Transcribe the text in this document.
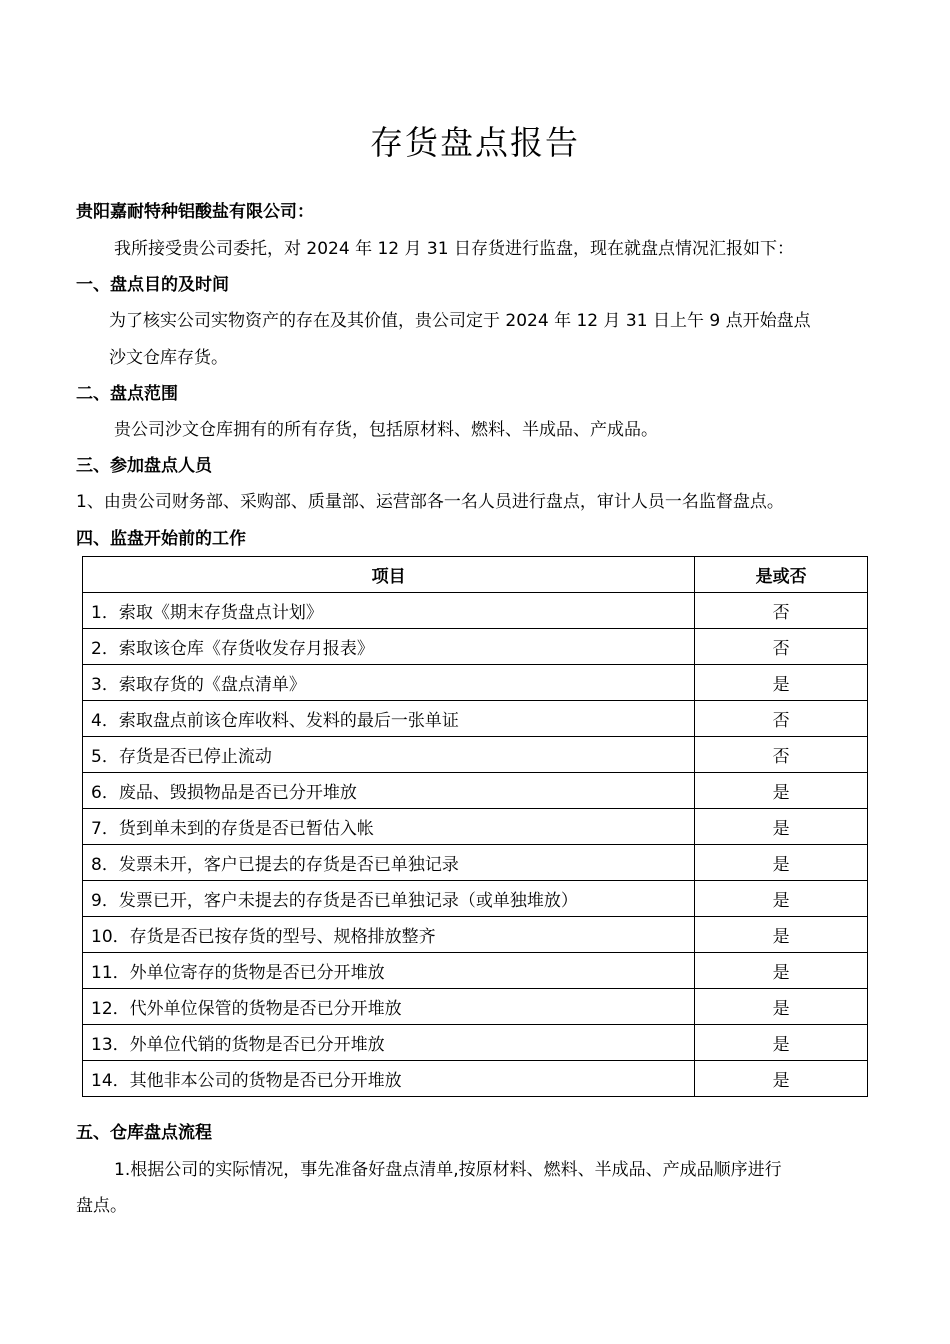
存货盘点报告
贵阳嘉耐特种铝酸盐有限公司：
我所接受贵公司委托，对 2024 年 12 月 31 日存货进行监盘，现在就盘点情况汇报如下：
一、盘点目的及时间
为了核实公司实物资产的存在及其价值，贵公司定于 2024 年 12 月 31 日上午 9 点开始盘点
沙文仓库存货。
二、盘点范围
贵公司沙文仓库拥有的所有存货，包括原材料、燃料、半成品、产成品。
三、参加盘点人员
1、由贵公司财务部、采购部、质量部、运营部各一名人员进行盘点，审计人员一名监督盘点。
四、监盘开始前的工作
项目	是或否
1．索取《期末存货盘点计划》	否
2．索取该仓库《存货收发存月报表》	否
3．索取存货的《盘点清单》	是
4．索取盘点前该仓库收料、发料的最后一张单证	否
5．存货是否已停止流动	否
6．废品、毁损物品是否已分开堆放	是
7．货到单未到的存货是否已暂估入帐	是
8．发票未开，客户已提去的存货是否已单独记录	是
9．发票已开，客户未提去的存货是否已单独记录（或单独堆放）	是
10．存货是否已按存货的型号、规格排放整齐	是
11．外单位寄存的货物是否已分开堆放	是
12．代外单位保管的货物是否已分开堆放	是
13．外单位代销的货物是否已分开堆放	是
14．其他非本公司的货物是否已分开堆放	是
五、仓库盘点流程
1.根据公司的实际情况，事先准备好盘点清单,按原材料、燃料、半成品、产成品顺序进行
盘点。
